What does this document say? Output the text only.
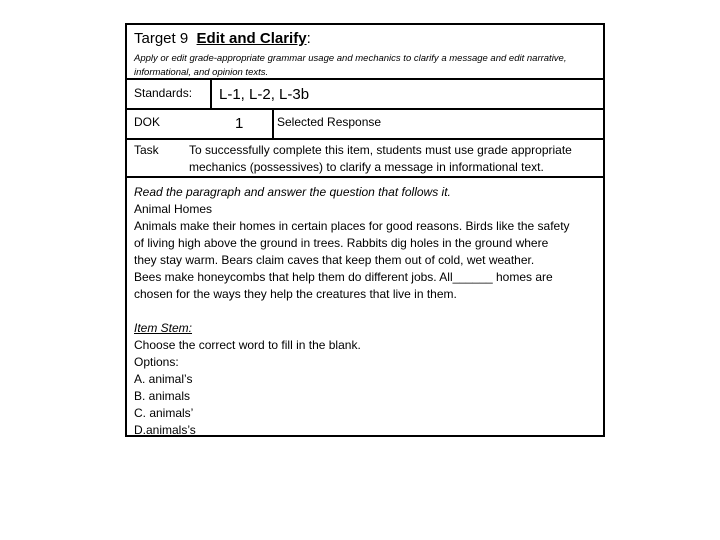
Target 9 Edit and Clarify:
Apply or edit grade-appropriate grammar usage and mechanics to clarify a message and edit narrative,
informational, and opinion texts.
Standards: L-1, L-2, L-3b
DOK	1	Selected Response
Task	To successfully complete this item, students must use grade appropriate
mechanics (possessives) to clarify a message in informational text.
Read the paragraph and answer the question that follows it.
Animal Homes
Animals make their homes in certain places for good reasons. Birds like the safety
of living high above the ground in trees. Rabbits dig holes in the ground where
they stay warm. Bears claim caves that keep them out of cold, wet weather.
Bees make honeycombs that help them do different jobs. All______ homes are
chosen for the ways they help the creatures that live in them.
Item Stem:
Choose the correct word to fill in the blank.
Options:
A. animal’s
B. animals
C. animals’
D.animals’s
